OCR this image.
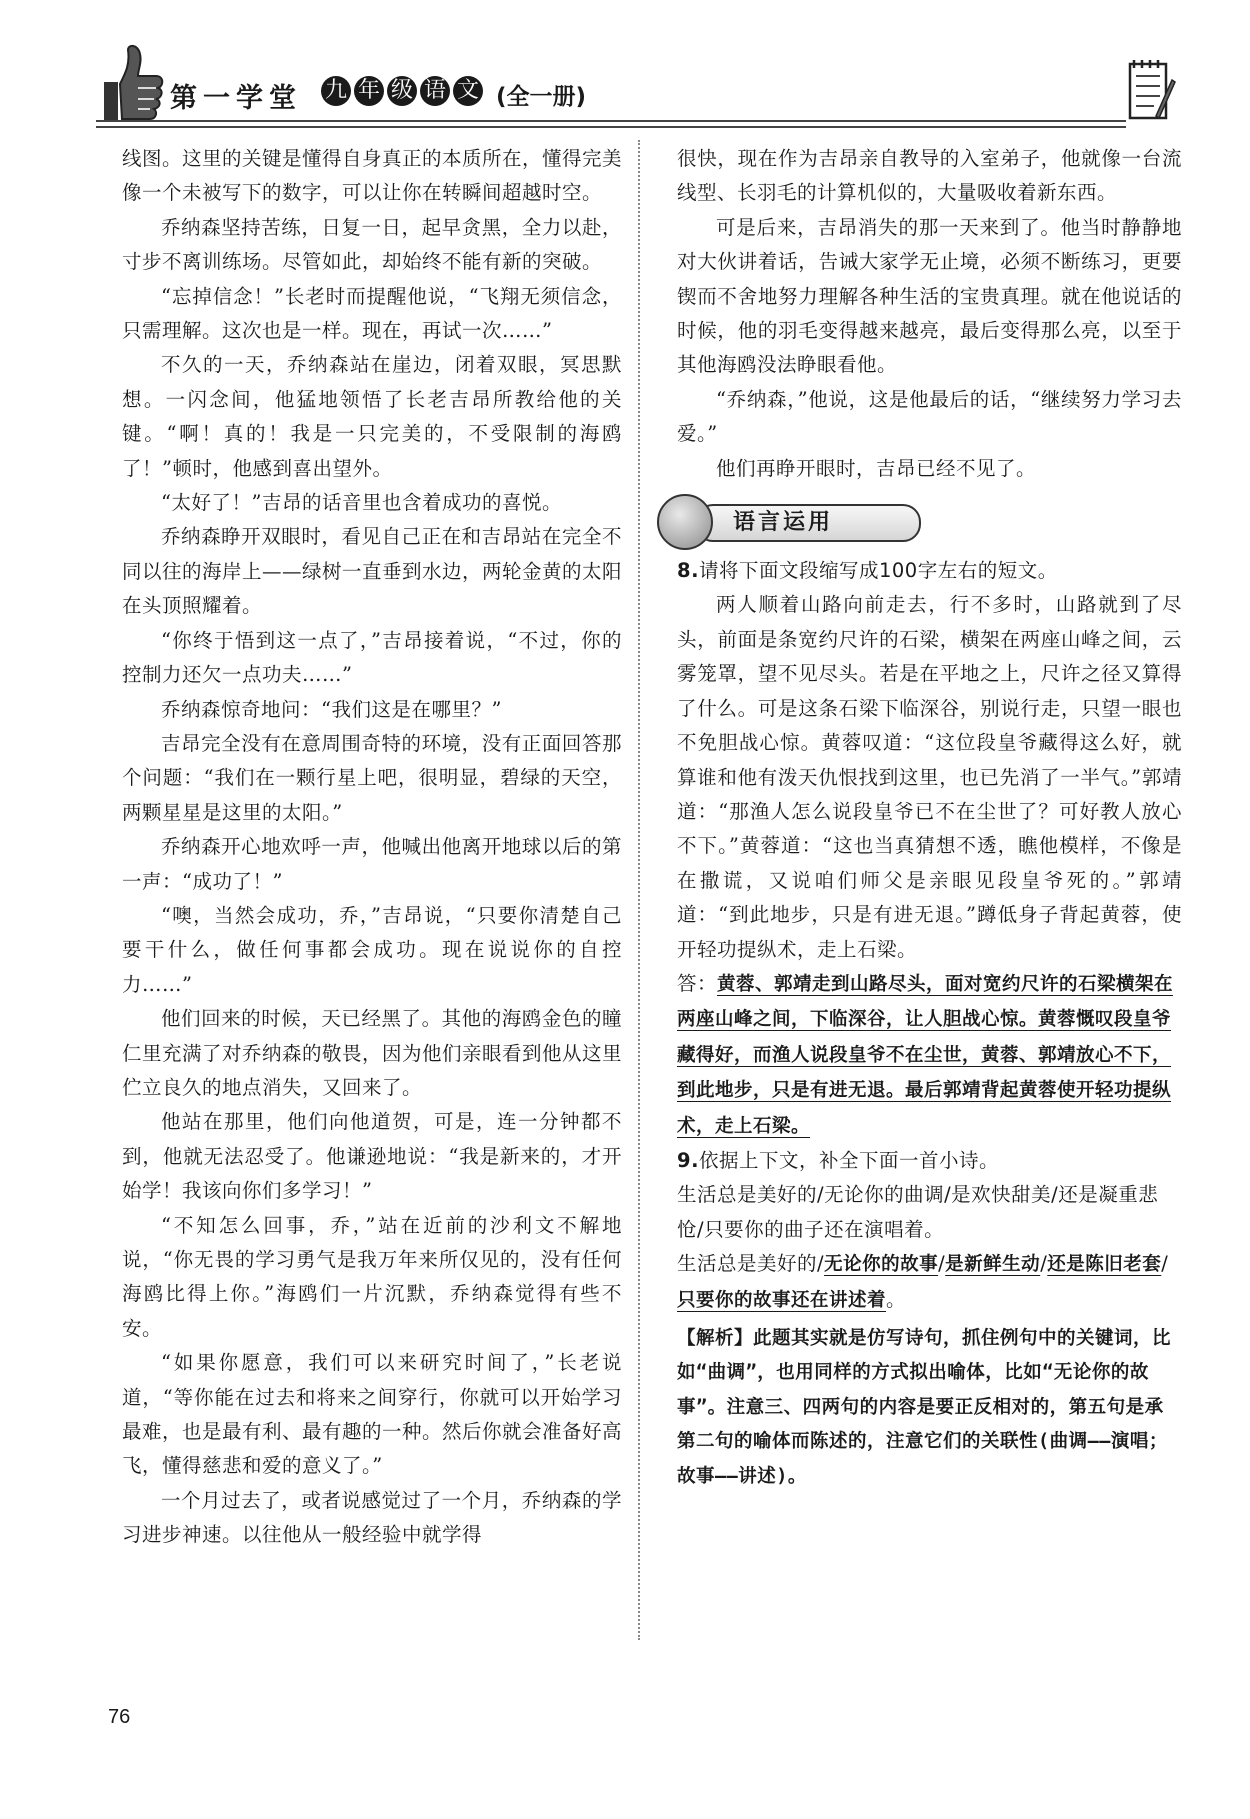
第一学堂 九 年 级 语 文 (全一册)

线图。这里的关键是懂得自身真正的本质所在，懂得完美像一个未被写下的数字，可以让你在转瞬间超越时空。

乔纳森坚持苦练，日复一日，起早贪黑，全力以赴，寸步不离训练场。尽管如此，却始终不能有新的突破。

“忘掉信念！”长老时而提醒他说，“飞翔无须信念，只需理解。这次也是一样。现在，再试一次……”

不久的一天，乔纳森站在崖边，闭着双眼，冥思默想。一闪念间，他猛地领悟了长老吉昂所教给他的关键。“啊！真的！我是一只完美的，不受限制的海鸥了！”顿时，他感到喜出望外。

“太好了！”吉昂的话音里也含着成功的喜悦。

乔纳森睁开双眼时，看见自己正在和吉昂站在完全不同以往的海岸上——绿树一直垂到水边，两轮金黄的太阳在头顶照耀着。

“你终于悟到这一点了，”吉昂接着说，“不过，你的控制力还欠一点功夫……”

乔纳森惊奇地问：“我们这是在哪里？”

吉昂完全没有在意周围奇特的环境，没有正面回答那个问题：“我们在一颗行星上吧，很明显，碧绿的天空，两颗星星是这里的太阳。”

乔纳森开心地欢呼一声，他喊出他离开地球以后的第一声：“成功了！”

“噢，当然会成功，乔，”吉昂说，“只要你清楚自己要干什么，做任何事都会成功。现在说说你的自控力……”

他们回来的时候，天已经黑了。其他的海鸥金色的瞳仁里充满了对乔纳森的敬畏，因为他们亲眼看到他从这里伫立良久的地点消失，又回来了。

他站在那里，他们向他道贺，可是，连一分钟都不到，他就无法忍受了。他谦逊地说：“我是新来的，才开始学！我该向你们多学习！”

“不知怎么回事，乔，”站在近前的沙利文不解地说，“你无畏的学习勇气是我万年来所仅见的，没有任何海鸥比得上你。”海鸥们一片沉默，乔纳森觉得有些不安。

“如果你愿意，我们可以来研究时间了，”长老说道，“等你能在过去和将来之间穿行，你就可以开始学习最难，也是最有利、最有趣的一种。然后你就会准备好高飞，懂得慈悲和爱的意义了。”

一个月过去了，或者说感觉过了一个月，乔纳森的学习进步神速。以往他从一般经验中就学得

很快，现在作为吉昂亲自教导的入室弟子，他就像一台流线型、长羽毛的计算机似的，大量吸收着新东西。

可是后来，吉昂消失的那一天来到了。他当时静静地对大伙讲着话，告诫大家学无止境，必须不断练习，更要锲而不舍地努力理解各种生活的宝贵真理。就在他说话的时候，他的羽毛变得越来越亮，最后变得那么亮，以至于其他海鸥没法睁眼看他。

“乔纳森，”他说，这是他最后的话，“继续努力学习去爱。”

他们再睁开眼时，吉昂已经不见了。

语言运用

8.请将下面文段缩写成100字左右的短文。

两人顺着山路向前走去，行不多时，山路就到了尽头，前面是条宽约尺许的石梁，横架在两座山峰之间，云雾笼罩，望不见尽头。若是在平地之上，尺许之径又算得了什么。可是这条石梁下临深谷，别说行走，只望一眼也不免胆战心惊。黄蓉叹道：“这位段皇爷藏得这么好，就算谁和他有泼天仇恨找到这里，也已先消了一半气。”郭靖道：“那渔人怎么说段皇爷已不在尘世了？可好教人放心不下。”黄蓉道：“这也当真猜想不透，瞧他模样，不像是在撒谎，又说咱们师父是亲眼见段皇爷死的。”郭靖道：“到此地步，只是有进无退。”蹲低身子背起黄蓉，使开轻功提纵术，走上石梁。

答：黄蓉、郭靖走到山路尽头，面对宽约尺许的石梁横架在两座山峰之间，下临深谷，让人胆战心惊。黄蓉慨叹段皇爷藏得好，而渔人说段皇爷不在尘世，黄蓉、郭靖放心不下，到此地步，只是有进无退。最后郭靖背起黄蓉使开轻功提纵术，走上石梁。

9.依据上下文，补全下面一首小诗。

生活总是美好的/无论你的曲调/是欢快甜美/还是凝重悲怆/只要你的曲子还在演唱着。

生活总是美好的/无论你的故事/是新鲜生动/还是陈旧老套/只要你的故事还在讲述着。

【解析】此题其实就是仿写诗句，抓住例句中的关键词，比如“曲调”，也用同样的方式拟出喻体，比如“无论你的故事”。注意三、四两句的内容是要正反相对的，第五句是承第二句的喻体而陈述的，注意它们的关联性(曲调——演唱；故事——讲述)。

76
